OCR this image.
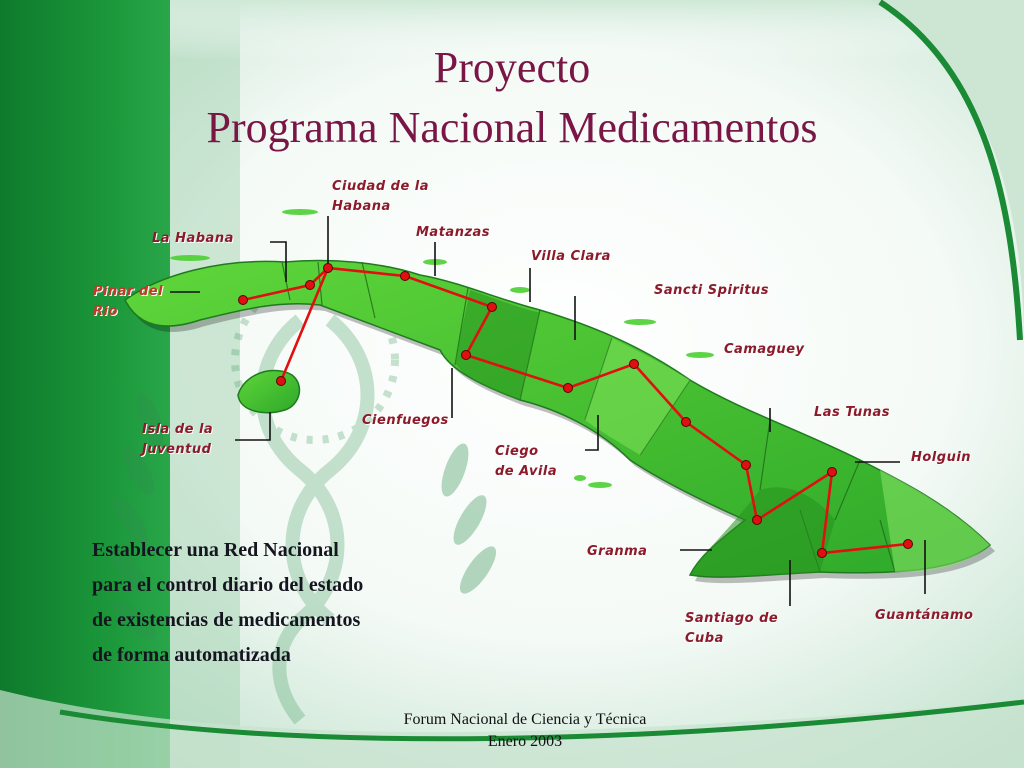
Proyecto
Programa Nacional Medicamentos
Ciudad de la
Habana
La Habana	Matanzas
Villa Clara
Pinar del
Rio
Sancti Spiritus
Camaguey
Isla de la
Juventud
Cienfuegos
Las Tunas
Ciego
de Avila
Holguin
Granma
Santiago de
Cuba
Guantánamo
Establecer una Red Nacional
para el control diario del estado
de existencias de medicamentos
de forma automatizada
Forum Nacional de Ciencia y Técnica
Enero 2003
